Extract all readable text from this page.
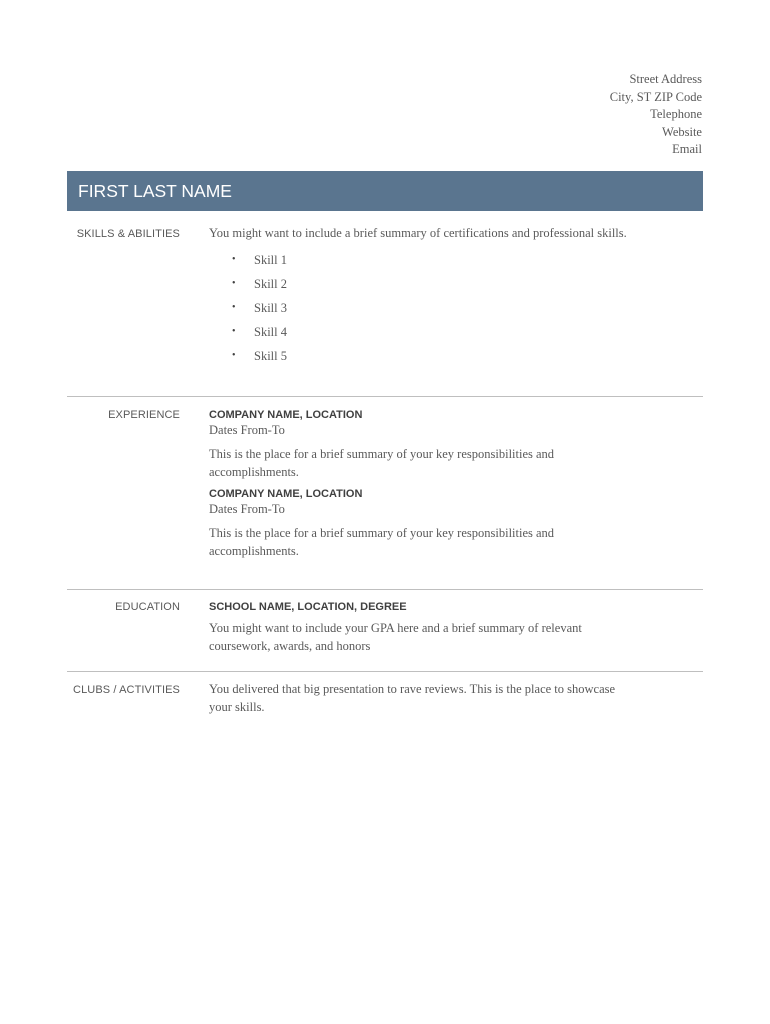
Street Address
City, ST ZIP Code
Telephone
Website
Email
FIRST LAST NAME
SKILLS & ABILITIES You might want to include a brief summary of certifications and professional skills.

• Skill 1
• Skill 2
• Skill 3
• Skill 4
• Skill 5
EXPERIENCE	COMPANY NAME, LOCATION

Dates From-To

This is the place for a brief summary of your key responsibilities and accomplishments.

COMPANY NAME, LOCATION

Dates From-To

This is the place for a brief summary of your key responsibilities and accomplishments.

EDUCATION	SCHOOL NAME, LOCATION, DEGREE

You might want to include your GPA here and a brief summary of relevant coursework, awards, and honors

CLUBS / ACTIVITIES You delivered that big presentation to rave reviews. This is the place to showcase your skills.
